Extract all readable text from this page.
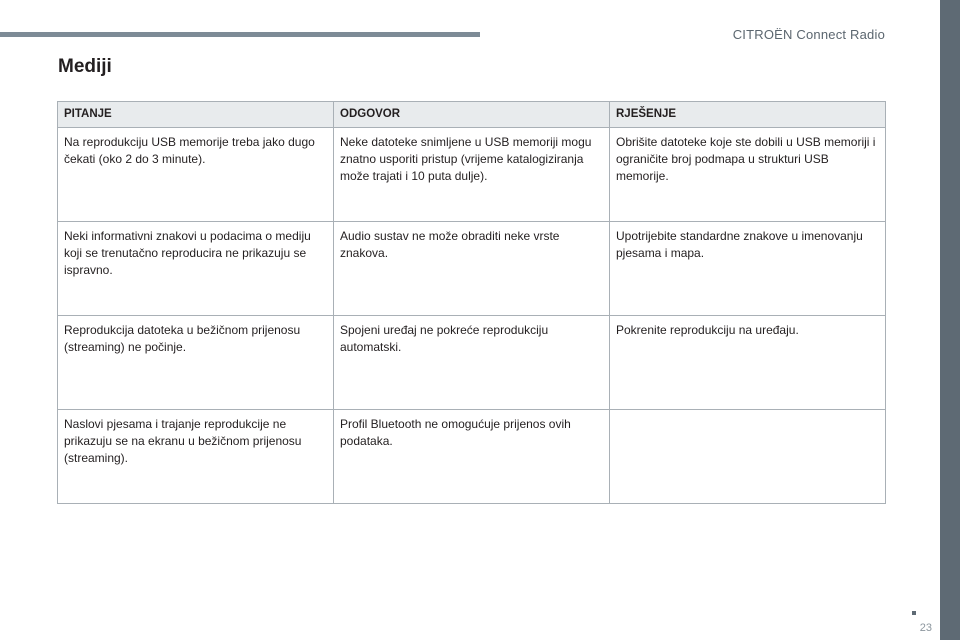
CITROËN Connect Radio
Mediji
PITANJE	ODGOVOR	RJEŠENJE
Na reprodukciju USB memorije treba jako dugo čekati (oko 2 do 3 minute).	Neke datoteke snimljene u USB memoriji mogu znatno usporiti pristup (vrijeme katalogiziranja može trajati i 10 puta dulje).	Obrišite datoteke koje ste dobili u USB memoriji i ograničite broj podmapa u strukturi USB memorije.
Neki informativni znakovi u podacima o mediju koji se trenutačno reproducira ne prikazuju se ispravno.	Audio sustav ne može obraditi neke vrste znakova.	Upotrijebite standardne znakove u imenovanju pjesama i mapa.
Reprodukcija datoteka u bežičnom prijenosu (streaming) ne počinje.	Spojeni uređaj ne pokreće reprodukciju automatski.	Pokrenite reprodukciju na uređaju.
Naslovi pjesama i trajanje reprodukcije ne prikazuju se na ekranu u bežičnom prijenosu (streaming).	Profil Bluetooth ne omogućuje prijenos ovih podataka.	
23
